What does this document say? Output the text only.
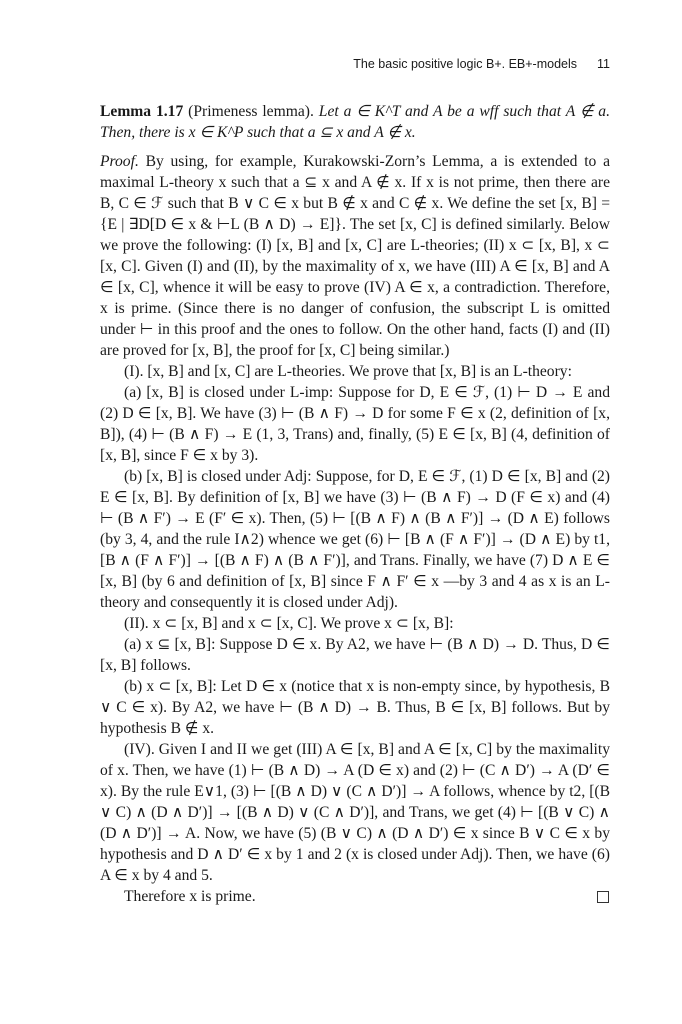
The basic positive logic B+. EB+-models 11

Lemma 1.17 (Primeness lemma). Let a ∈ K^T and A be a wff such that A ∉ a. Then, there is x ∈ K^P such that a ⊆ x and A ∉ x.

Proof. By using, for example, Kurakowski-Zorn’s Lemma, a is extended to a maximal L-theory x such that a ⊆ x and A ∉ x. If x is not prime, then there are B, C ∈ ℱ such that B ∨ C ∈ x but B ∉ x and C ∉ x. We define the set [x, B] = {E | ∃D[D ∈ x & ⊢L (B ∧ D) → E]}. The set [x, C] is defined similarly. Below we prove the following: (I) [x, B] and [x, C] are L-theories; (II) x ⊂ [x, B], x ⊂ [x, C]. Given (I) and (II), by the maximality of x, we have (III) A ∈ [x, B] and A ∈ [x, C], whence it will be easy to prove (IV) A ∈ x, a contradiction. Therefore, x is prime. (Since there is no danger of confusion, the subscript L is omitted under ⊢ in this proof and the ones to follow. On the other hand, facts (I) and (II) are proved for [x, B], the proof for [x, C] being similar.)

(I). [x, B] and [x, C] are L-theories. We prove that [x, B] is an L-theory:

(a) [x, B] is closed under L-imp: Suppose for D, E ∈ ℱ, (1) ⊢ D → E and (2) D ∈ [x, B]. We have (3) ⊢ (B ∧ F) → D for some F ∈ x (2, definition of [x, B]), (4) ⊢ (B ∧ F) → E (1, 3, Trans) and, finally, (5) E ∈ [x, B] (4, definition of [x, B], since F ∈ x by 3).

(b) [x, B] is closed under Adj: Suppose, for D, E ∈ ℱ, (1) D ∈ [x, B] and (2) E ∈ [x, B]. By definition of [x, B] we have (3) ⊢ (B ∧ F) → D (F ∈ x) and (4) ⊢ (B ∧ F′) → E (F′ ∈ x). Then, (5) ⊢ [(B ∧ F) ∧ (B ∧ F′)] → (D ∧ E) follows (by 3, 4, and the rule I∧2) whence we get (6) ⊢ [B ∧ (F ∧ F′)] → (D ∧ E) by t1, [B ∧ (F ∧ F′)] → [(B ∧ F) ∧ (B ∧ F′)], and Trans. Finally, we have (7) D ∧ E ∈ [x, B] (by 6 and definition of [x, B] since F ∧ F′ ∈ x —by 3 and 4 as x is an L-theory and consequently it is closed under Adj).

(II). x ⊂ [x, B] and x ⊂ [x, C]. We prove x ⊂ [x, B]:

(a) x ⊆ [x, B]: Suppose D ∈ x. By A2, we have ⊢ (B ∧ D) → D. Thus, D ∈ [x, B] follows.

(b) x ⊂ [x, B]: Let D ∈ x (notice that x is non-empty since, by hypothesis, B ∨ C ∈ x). By A2, we have ⊢ (B ∧ D) → B. Thus, B ∈ [x, B] follows. But by hypothesis B ∉ x.

(IV). Given I and II we get (III) A ∈ [x, B] and A ∈ [x, C] by the maximality of x. Then, we have (1) ⊢ (B ∧ D) → A (D ∈ x) and (2) ⊢ (C ∧ D′) → A (D′ ∈ x). By the rule E∨1, (3) ⊢ [(B ∧ D) ∨ (C ∧ D′)] → A follows, whence by t2, [(B ∨ C) ∧ (D ∧ D′)] → [(B ∧ D) ∨ (C ∧ D′)], and Trans, we get (4) ⊢ [(B ∨ C) ∧ (D ∧ D′)] → A. Now, we have (5) (B ∨ C) ∧ (D ∧ D′) ∈ x since B ∨ C ∈ x by hypothesis and D ∧ D′ ∈ x by 1 and 2 (x is closed under Adj). Then, we have (6) A ∈ x by 4 and 5.

Therefore x is prime.
